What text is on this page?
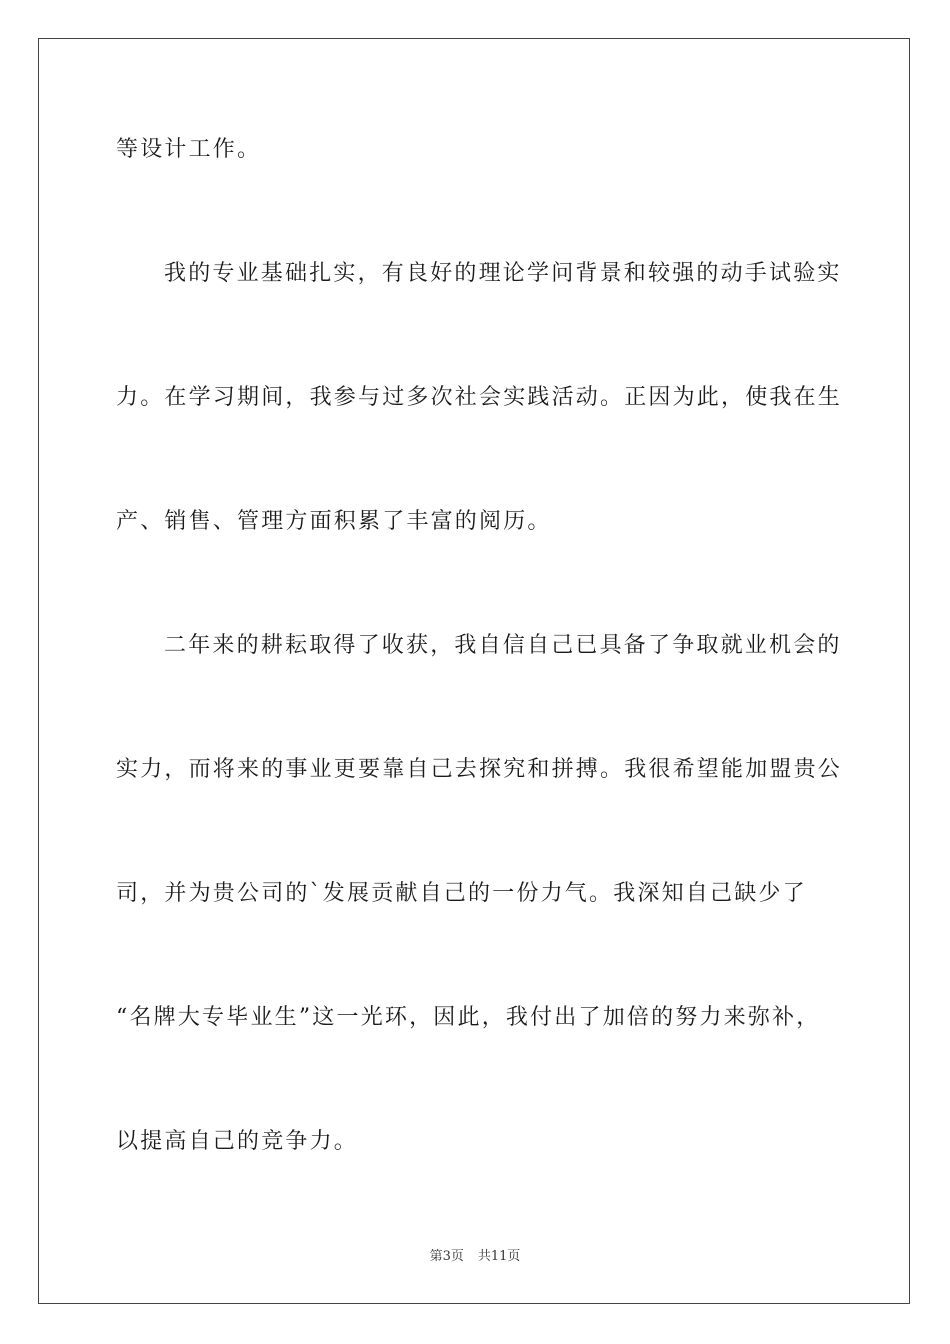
等设计工作。
我的专业基础扎实，有良好的理论学问背景和较强的动手试验实
力。在学习期间，我参与过多次社会实践活动。正因为此，使我在生
产、销售、管理方面积累了丰富的阅历。
二年来的耕耘取得了收获，我自信自己已具备了争取就业机会的
实力，而将来的事业更要靠自己去探究和拼搏。我很希望能加盟贵公
司，并为贵公司的`发展贡献自己的一份力气。我深知自己缺少了
“名牌大专毕业生”这一光环，因此，我付出了加倍的努力来弥补，
以提高自己的竞争力。
第3页 共11页
